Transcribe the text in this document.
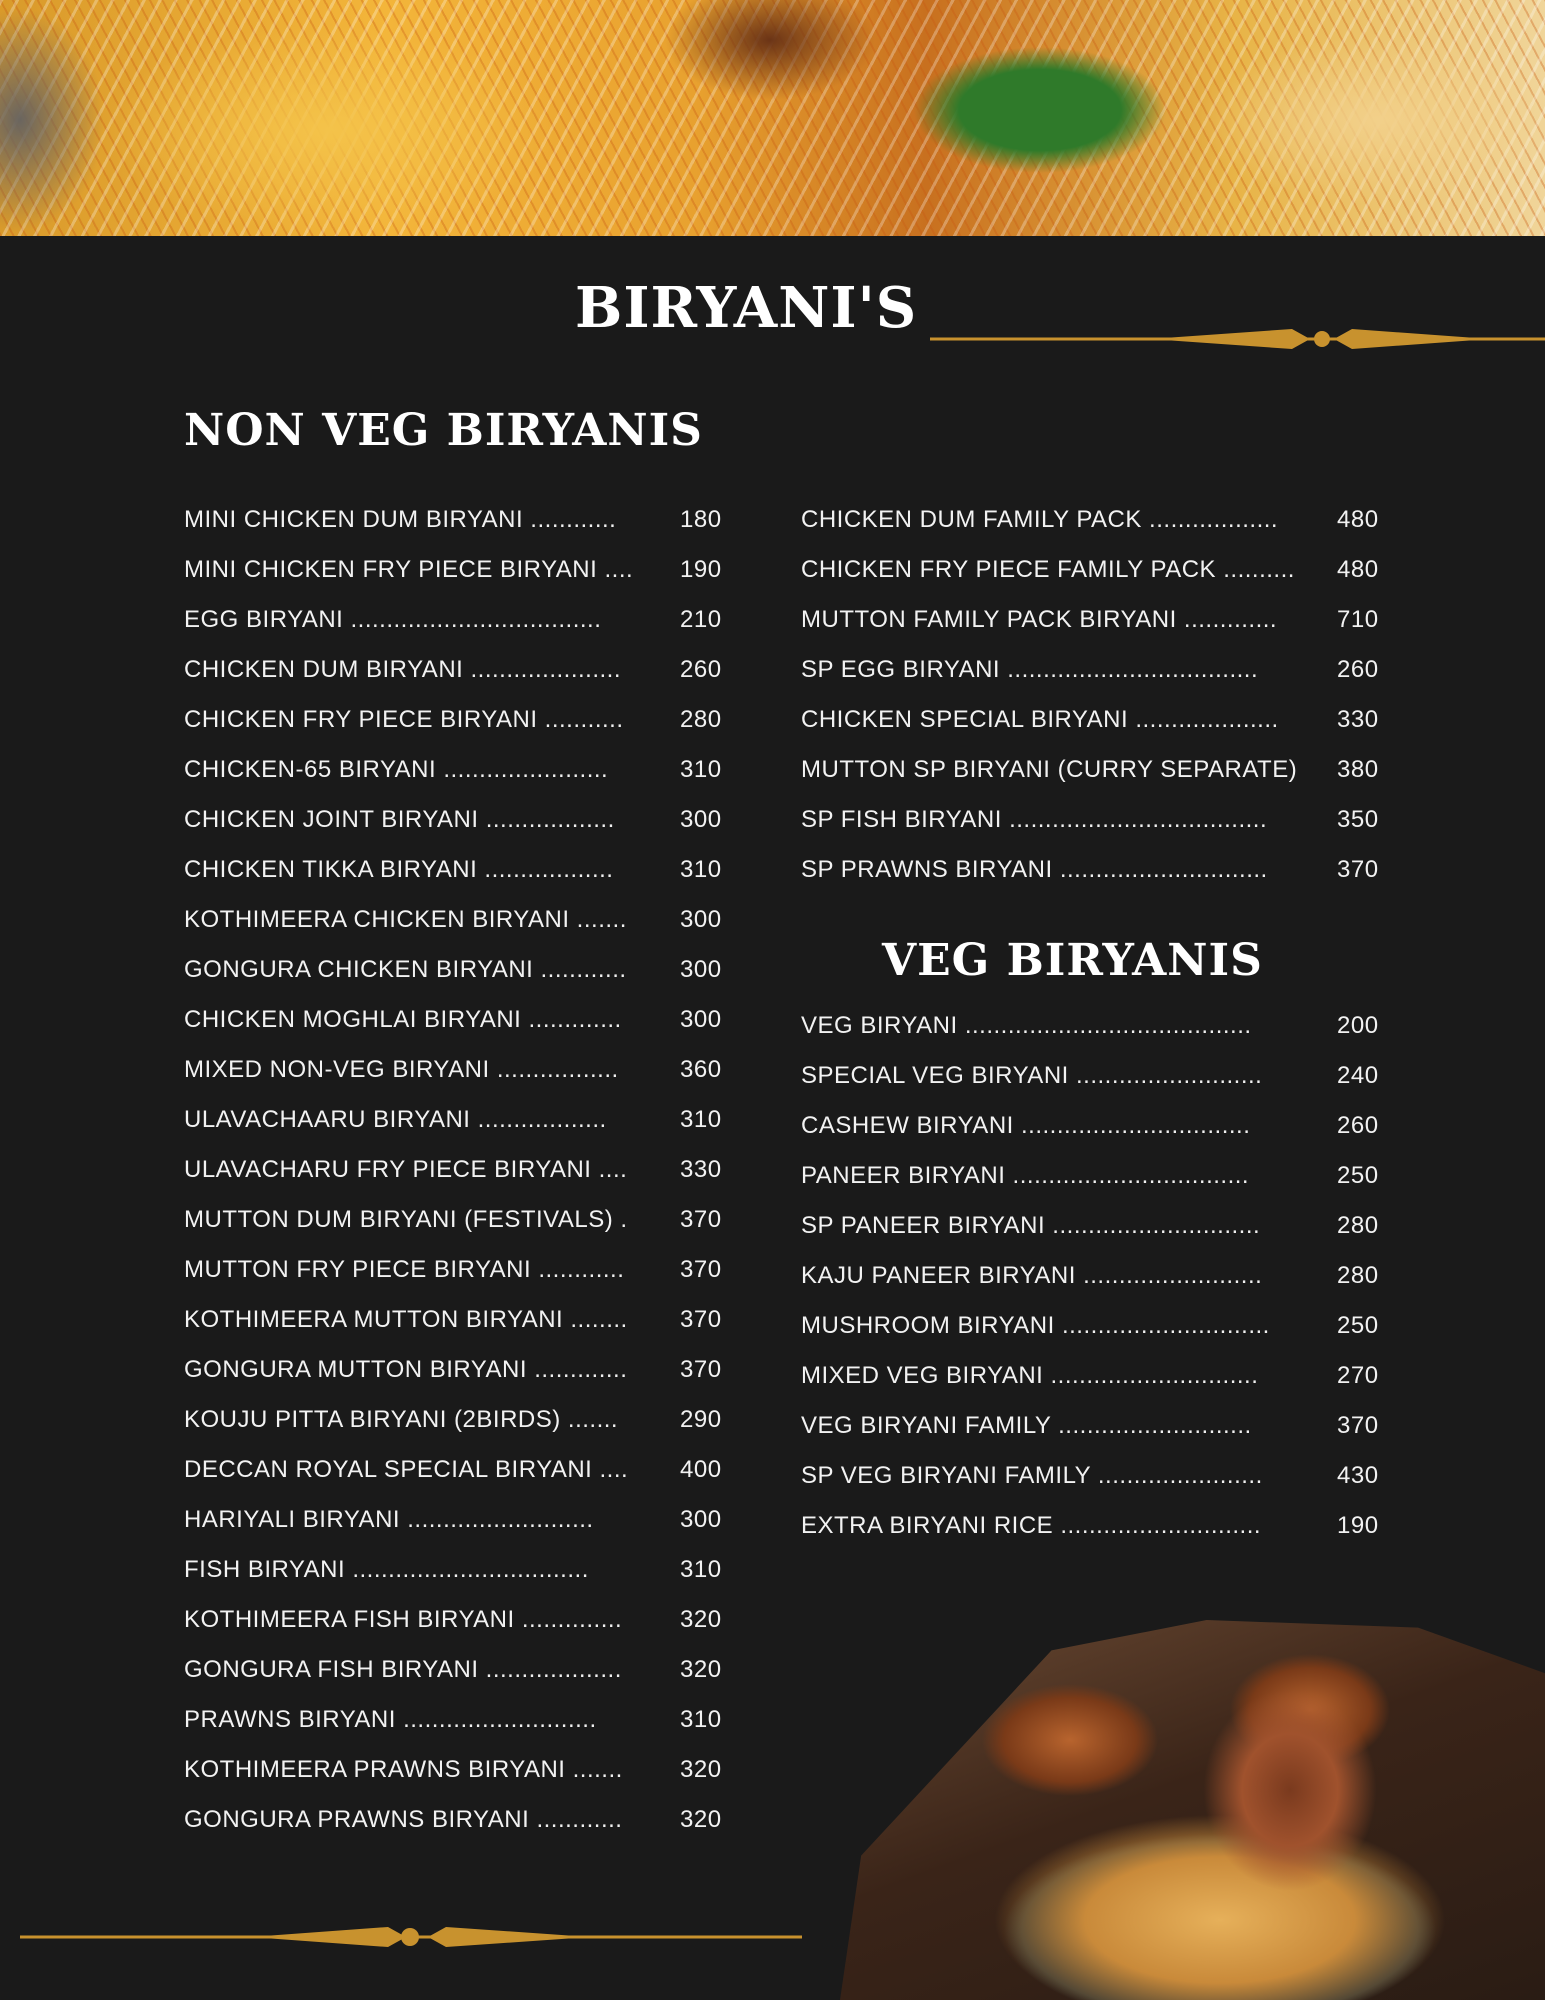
BIRYANI'S
NON VEG BIRYANIS
MINI CHICKEN DUM BIRYANI ............	180
MINI CHICKEN FRY PIECE BIRYANI ....	190
EGG BIRYANI ...................................	210
CHICKEN DUM BIRYANI .....................	260
CHICKEN FRY PIECE BIRYANI ...........	280
CHICKEN-65 BIRYANI .......................	310
CHICKEN JOINT BIRYANI ..................	300
CHICKEN TIKKA BIRYANI ..................	310
KOTHIMEERA CHICKEN BIRYANI .......	300
GONGURA CHICKEN BIRYANI ............	300
CHICKEN MOGHLAI BIRYANI .............	300
MIXED NON-VEG BIRYANI .................	360
ULAVACHAARU BIRYANI ..................	310
ULAVACHARU FRY PIECE BIRYANI ....	330
MUTTON DUM BIRYANI (FESTIVALS) .	370
MUTTON FRY PIECE BIRYANI ............	370
KOTHIMEERA MUTTON BIRYANI ........	370
GONGURA MUTTON BIRYANI .............	370
KOUJU PITTA BIRYANI (2BIRDS) .......	290
DECCAN ROYAL SPECIAL BIRYANI ....	400
HARIYALI BIRYANI ..........................	300
FISH BIRYANI .................................	310
KOTHIMEERA FISH BIRYANI ..............	320
GONGURA FISH BIRYANI ...................	320
PRAWNS BIRYANI ...........................	310
KOTHIMEERA PRAWNS BIRYANI .......	320
GONGURA PRAWNS BIRYANI ............	320
CHICKEN DUM FAMILY PACK ..................	480
CHICKEN FRY PIECE FAMILY PACK ..........	480
MUTTON FAMILY PACK BIRYANI .............	710
SP EGG BIRYANI ...................................	260
CHICKEN SPECIAL BIRYANI ....................	330
MUTTON SP BIRYANI (CURRY SEPARATE)	380
SP FISH BIRYANI ....................................	350
SP PRAWNS BIRYANI .............................	370
VEG BIRYANIS
VEG BIRYANI ........................................	200
SPECIAL VEG BIRYANI ..........................	240
CASHEW BIRYANI ................................	260
PANEER BIRYANI .................................	250
SP PANEER BIRYANI .............................	280
KAJU PANEER BIRYANI .........................	280
MUSHROOM BIRYANI .............................	250
MIXED VEG BIRYANI .............................	270
VEG BIRYANI FAMILY ...........................	370
SP VEG BIRYANI FAMILY .......................	430
EXTRA BIRYANI RICE ............................	190
